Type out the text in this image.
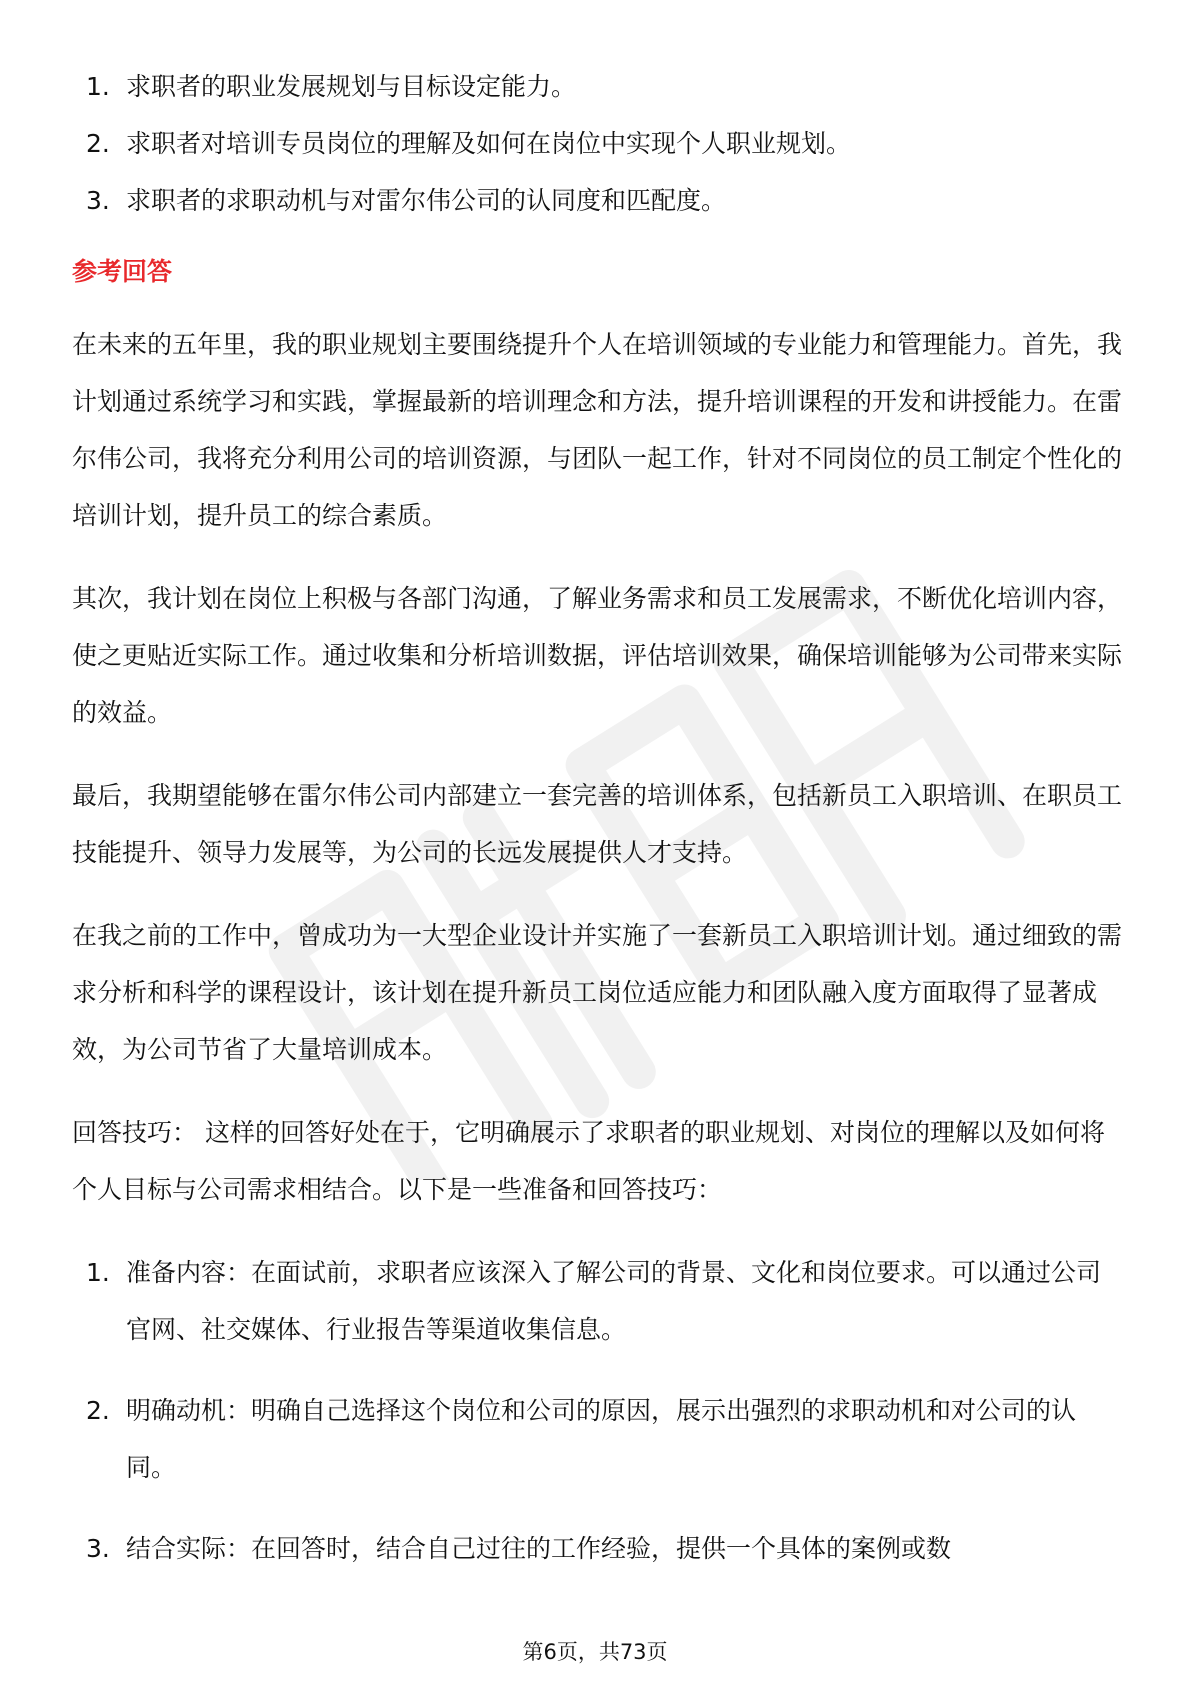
1. 求职者的职业发展规划与目标设定能力。
2. 求职者对培训专员岗位的理解及如何在岗位中实现个人职业规划。
3. 求职者的求职动机与对雷尔伟公司的认同度和匹配度。
参考回答

在未来的五年里，我的职业规划主要围绕提升个人在培训领域的专业能力和管理能力。首先，我计划通过系统学习和实践，掌握最新的培训理念和方法，提升培训课程的开发和讲授能力。在雷尔伟公司，我将充分利用公司的培训资源，与团队一起工作，针对不同岗位的员工制定个性化的培训计划，提升员工的综合素质。

其次，我计划在岗位上积极与各部门沟通，了解业务需求和员工发展需求，不断优化培训内容，使之更贴近实际工作。通过收集和分析培训数据，评估培训效果，确保培训能够为公司带来实际的效益。

最后，我期望能够在雷尔伟公司内部建立一套完善的培训体系，包括新员工入职培训、在职员工技能提升、领导力发展等，为公司的长远发展提供人才支持。

在我之前的工作中，曾成功为一大型企业设计并实施了一套新员工入职培训计划。通过细致的需求分析和科学的课程设计，该计划在提升新员工岗位适应能力和团队融入度方面取得了显著成效，为公司节省了大量培训成本。

回答技巧： 这样的回答好处在于，它明确展示了求职者的职业规划、对岗位的理解以及如何将个人目标与公司需求相结合。以下是一些准备和回答技巧：

1. 准备内容：在面试前，求职者应该深入了解公司的背景、文化和岗位要求。可以通过公司官网、社交媒体、行业报告等渠道收集信息。
2. 明确动机：明确自己选择这个岗位和公司的原因，展示出强烈的求职动机和对公司的认同。
3. 结合实际：在回答时，结合自己过往的工作经验，提供一个具体的案例或数
第6页，共73页
